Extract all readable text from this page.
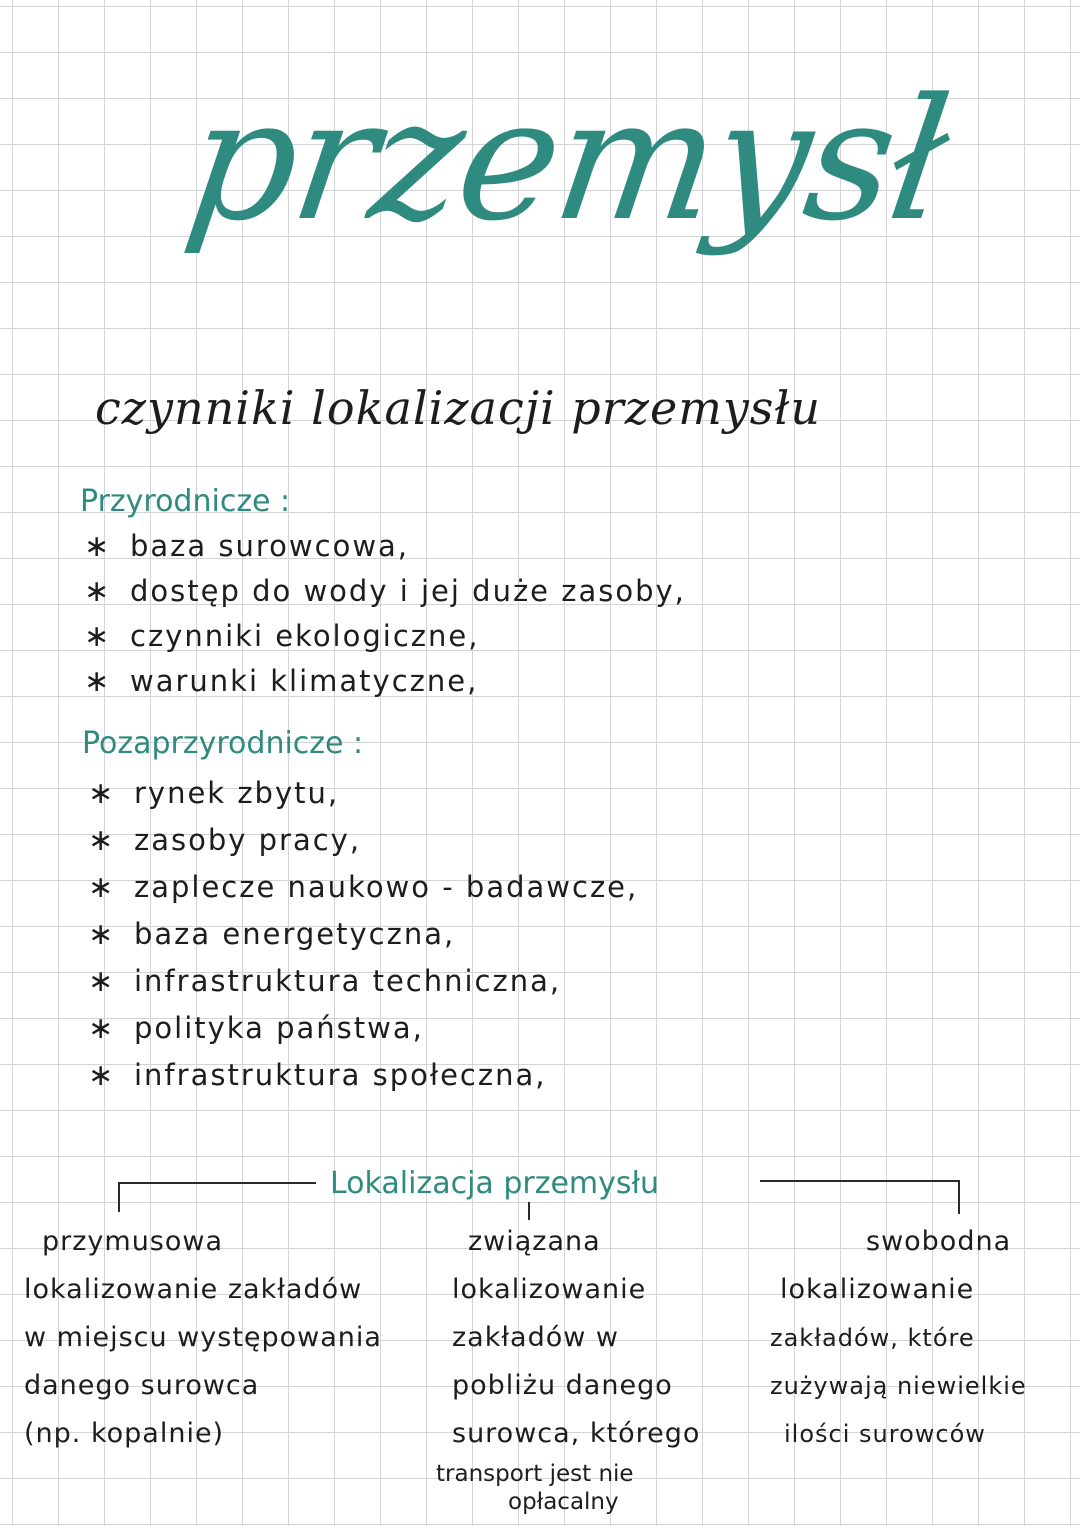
przemysł
czynniki lokalizacji przemysłu
Przyrodnicze :
∗ baza surowcowa,
∗ dostęp do wody i jej duże zasoby,
∗ czynniki ekologiczne,
∗ warunki klimatyczne,
Pozaprzyrodnicze :
∗ rynek zbytu,
∗ zasoby pracy,
∗ zaplecze naukowo - badawcze,
∗ baza energetyczna,
∗ infrastruktura techniczna,
∗ polityka państwa,
∗ infrastruktura społeczna,
Lokalizacja przemysłu
przymusowa
lokalizowanie zakładów
w miejscu występowania
danego surowca
(np. kopalnie)
związana
lokalizowanie
zakładów w
pobliżu danego
surowca, którego
transport jest nie
opłacalny
swobodna
lokalizowanie
zakładów, które
zużywają niewielkie
ilości surowców
